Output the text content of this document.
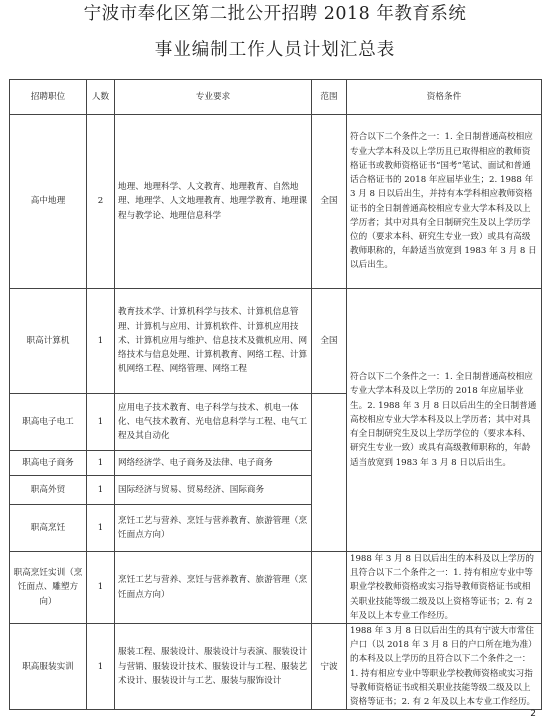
宁波市奉化区第二批公开招聘 2018 年教育系统
事业编制工作人员计划汇总表
招聘职位	人数	专业要求	范围	资格条件
高中地理	2	地理、地理科学、人文教育、地理教育、自然地理、地理学、人文地理教育、地理学教育、地理课程与教学论、地理信息科学	全国	符合以下二个条件之一：1. 全日制普通高校相应专业大学本科及以上学历且已取得相应的教师资格证书或教师资格证书“国考”笔试、面试和普通话合格证书的 2018 年应届毕业生；2. 1988 年 3 月 8 日以后出生，并持有本学科相应教师资格证书的全日制普通高校相应专业大学本科及以上学历者；其中对具有全日制研究生及以上学历学位的（要求本科、研究生专业一致）或具有高级教师职称的，年龄适当放宽到 1983 年 3 月 8 日以后出生。
职高计算机	1	教育技术学、计算机科学与技术、计算机信息管理、计算机与应用、计算机软件、计算机应用技术、计算机应用与维护、信息技术及微机应用、网络技术与信息处理、计算机教育、网络工程、计算机网络工程、网络管理、网络工程	全国	符合以下二个条件之一：1. 全日制普通高校相应专业大学本科及以上学历的 2018 年应届毕业生。2. 1988 年 3 月 8 日以后出生的全日制普通高校相应专业大学本科及以上学历者；其中对具有全日制研究生及以上学历学位的（要求本科、研究生专业一致）或具有高级教师职称的，年龄适当放宽到 1983 年 3 月 8 日以后出生。
职高电子电工	1	应用电子技术教育、电子科学与技术、机电一体化、电气技术教育、光电信息科学与工程、电气工程及其自动化		
职高电子商务	1	网络经济学、电子商务及法律、电子商务		
职高外贸	1	国际经济与贸易、贸易经济、国际商务		
职高烹饪	1	烹饪工艺与营养、烹饪与营养教育、旅游管理（烹饪面点方向）		
职高烹饪实训（烹饪面点、雕塑方向）	1	烹饪工艺与营养、烹饪与营养教育、旅游管理（烹饪面点方向）		1988 年 3 月 8 日以后出生的本科及以上学历的且符合以下二个条件之一：1. 持有相应专业中等职业学校教师资格或实习指导教师资格证书或相关职业技能等级二级及以上资格等证书；2. 有 2 年及以上本专业工作经历。
职高服装实训	1	服装工程、服装设计、服装设计与表演、服装设计与营销、服装设计技术、服装设计与工程、服装艺术设计、服装设计与工艺、服装与服饰设计	宁波	1988 年 3 月 8 日以后出生的具有宁波大市常住户口（以 2018 年 3 月 8 日的户口所在地为准）的本科及以上学历的且符合以下二个条件之一：1. 持有相应专业中等职业学校教师资格或实习指导教师资格证书或相关职业技能等级二级及以上资格等证书；2. 有 2 年及以上本专业工作经历。
2
